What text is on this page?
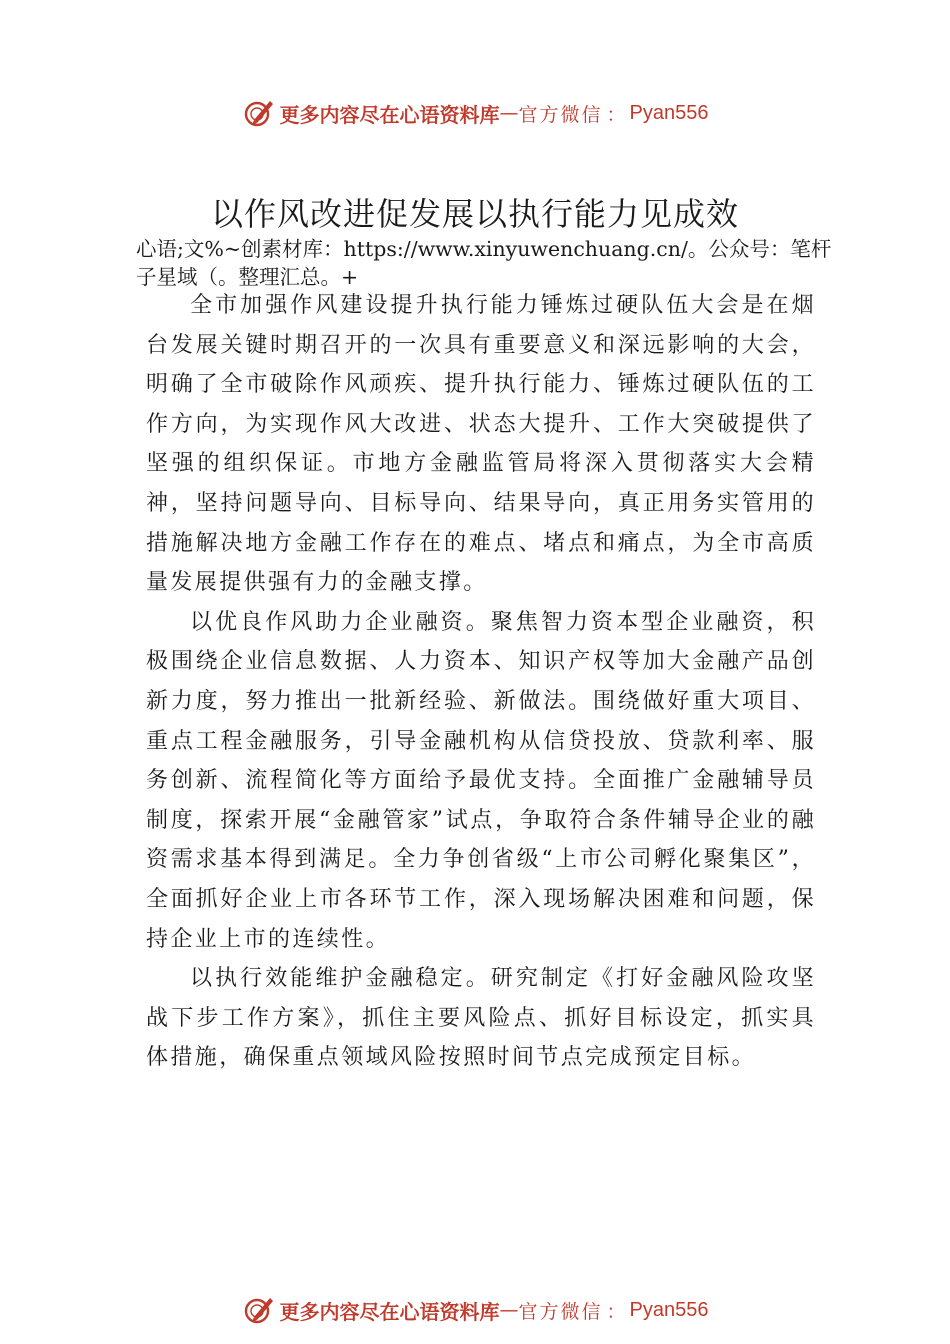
更多内容尽在心语资料库 — 官方微信 ： Pyan556
以作风改进促发展以执行能力见成效

心语;文%~创素材库：https://www.xinyuwenchuang.cn/。公众号：笔杆子星域（。整理汇总。+

全市加强作风建设提升执行能力锤炼过硬队伍大会是在烟台发展关键时期召开的一次具有重要意义和深远影响的大会，明确了全市破除作风顽疾、提升执行能力、锤炼过硬队伍的工作方向，为实现作风大改进、状态大提升、工作大突破提供了坚强的组织保证。市地方金融监管局将深入贯彻落实大会精神，坚持问题导向、目标导向、结果导向，真正用务实管用的措施解决地方金融工作存在的难点、堵点和痛点，为全市高质量发展提供强有力的金融支撑。

以优良作风助力企业融资。聚焦智力资本型企业融资，积极围绕企业信息数据、人力资本、知识产权等加大金融产品创新力度，努力推出一批新经验、新做法。围绕做好重大项目、重点工程金融服务，引导金融机构从信贷投放、贷款利率、服务创新、流程简化等方面给予最优支持。全面推广金融辅导员制度，探索开展“金融管家”试点，争取符合条件辅导企业的融资需求基本得到满足。全力争创省级“上市公司孵化聚集区”，全面抓好企业上市各环节工作，深入现场解决困难和问题，保持企业上市的连续性。

以执行效能维护金融稳定。研究制定《打好金融风险攻坚战下步工作方案》，抓住主要风险点、抓好目标设定，抓实具体措施，确保重点领域风险按照时间节点完成预定目标。

更多内容尽在心语资料库 — 官方微信 ： Pyan556
